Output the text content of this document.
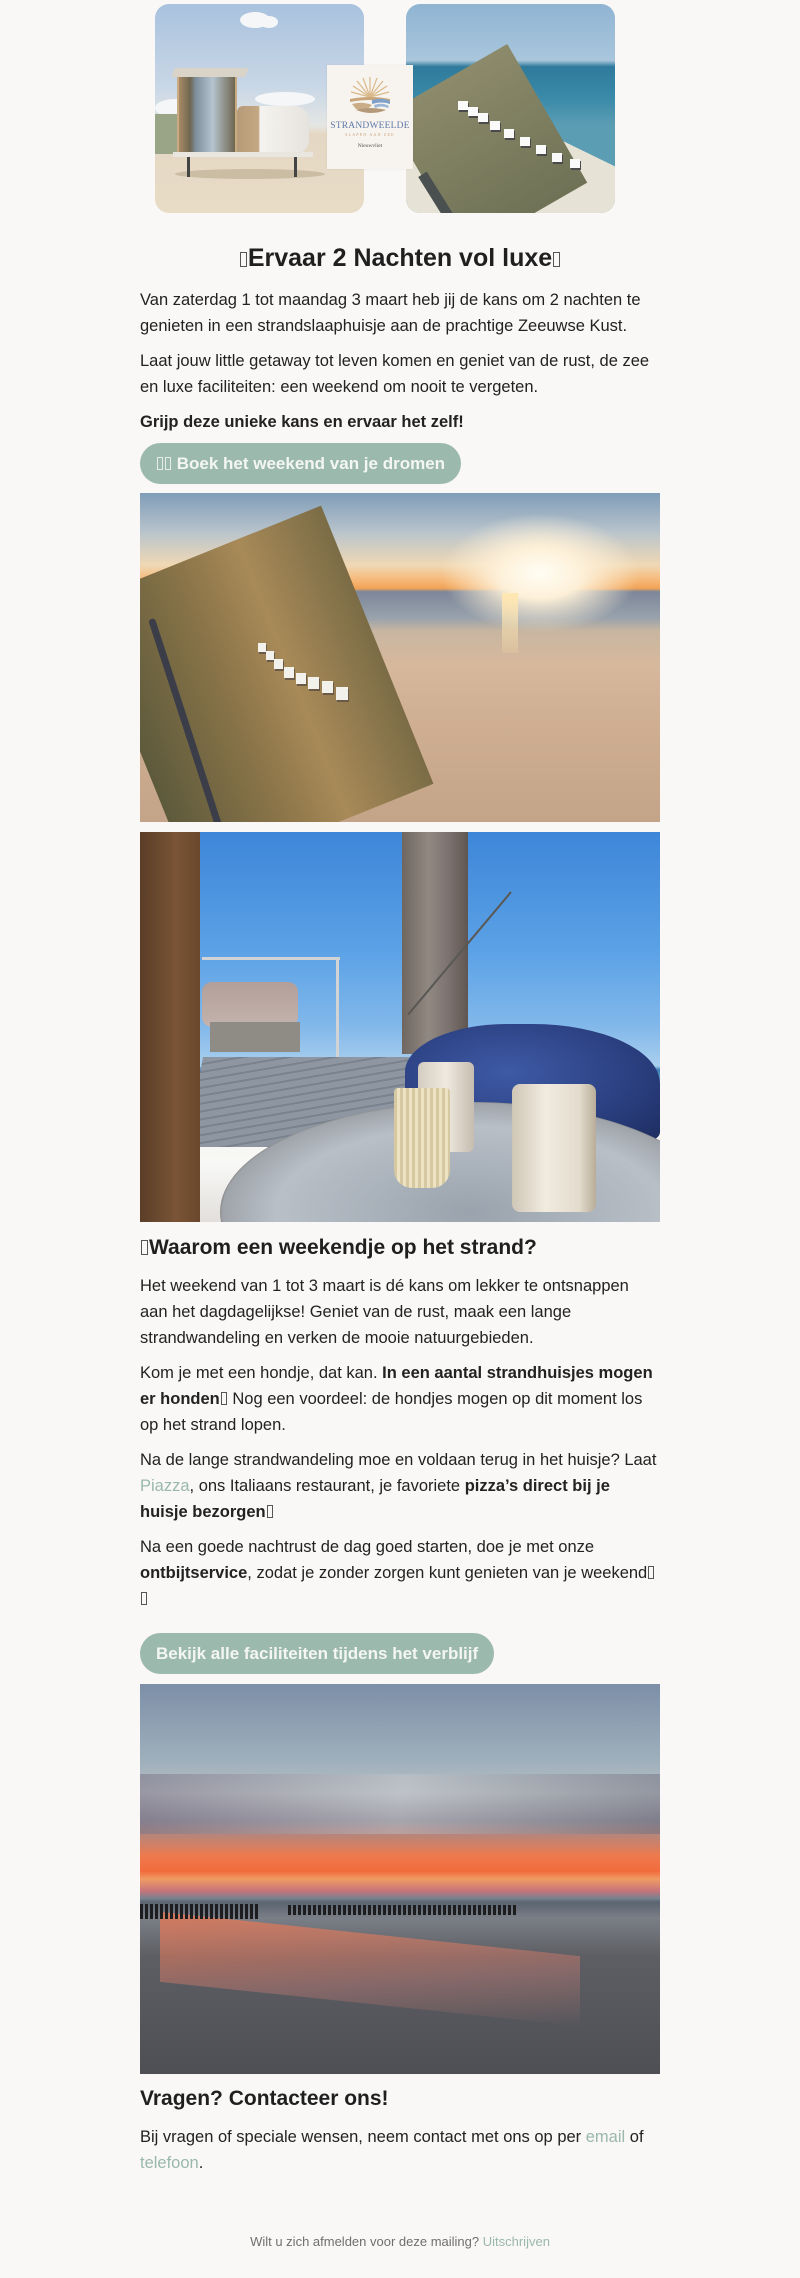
STRANDWEELDE
SLAPEN AAN ZEE
Nieuwvliet
Ervaar 2 Nachten vol luxe

Van zaterdag 1 tot maandag 3 maart heb jij de kans om 2 nachten te genieten in een strandslaaphuisje aan de prachtige Zeeuwse Kust.

Laat jouw little getaway tot leven komen en geniet van de rust, de zee en luxe faciliteiten: een weekend om nooit te vergeten.

Grijp deze unieke kans en ervaar het zelf!

Boek het weekend van je dromen
Waarom een weekendje op het strand?

Het weekend van 1 tot 3 maart is dé kans om lekker te ontsnappen aan het dagdagelijkse! Geniet van de rust, maak een lange strandwandeling en verken de mooie natuurgebieden.

Kom je met een hondje, dat kan. In een aantal strandhuisjes mogen er honden Nog een voordeel: de hondjes mogen op dit moment los op het strand lopen.

Na de lange strandwandeling moe en voldaan terug in het huisje? Laat Piazza, ons Italiaans restaurant, je favoriete pizza’s direct bij je huisje bezorgen

Na een goede nachtrust de dag goed starten, doe je met onze ontbijtservice, zodat je zonder zorgen kunt genieten van je weekend

Bekijk alle faciliteiten tijdens het verblijf
Vragen? Contacteer ons!

Bij vragen of speciale wensen, neem contact met ons op per email of telefoon.

Wilt u zich afmelden voor deze mailing? Uitschrijven
